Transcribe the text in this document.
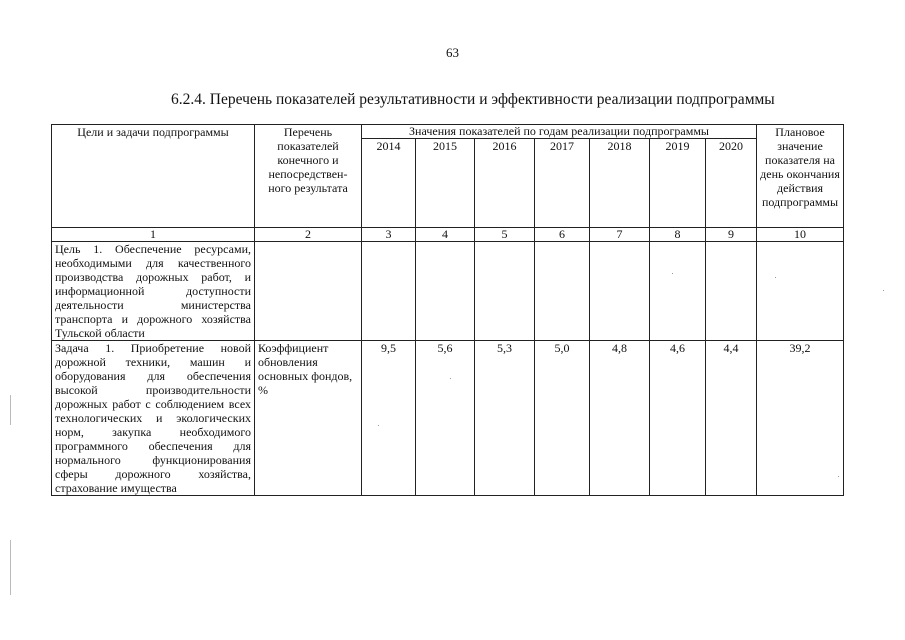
63
6.2.4. Перечень показателей результативности и эффективности реализации подпрограммы
Цели и задачи подпрограммы	Перечень показателей конечного и непосредствен-ного результата	Значения показателей по годам реализации подпрограммы							Плановое значение показателя на день окончания действия подпрограммы
		2014	2015	2016	2017	2018	2019	2020	
1	2	3	4	5	6	7	8	9	10
Цель 1. Обеспечение ресурсами, необходимыми для качественного производства дорожных работ, и информационной доступности деятельности министерства транспорта и дорожного хозяйства Тульской области									
Задача 1. Приобретение новой дорожной техники, машин и оборудования для обеспечения высокой производительности дорожных работ с соблюдением всех технологических и экологических норм, закупка необходимого программного обеспечения для нормального функционирования сферы дорожного хозяйства, страхование имущества	Коэффициент обновления основных фондов, %	9,5	5,6	5,3	5,0	4,8	4,6	4,4	39,2
